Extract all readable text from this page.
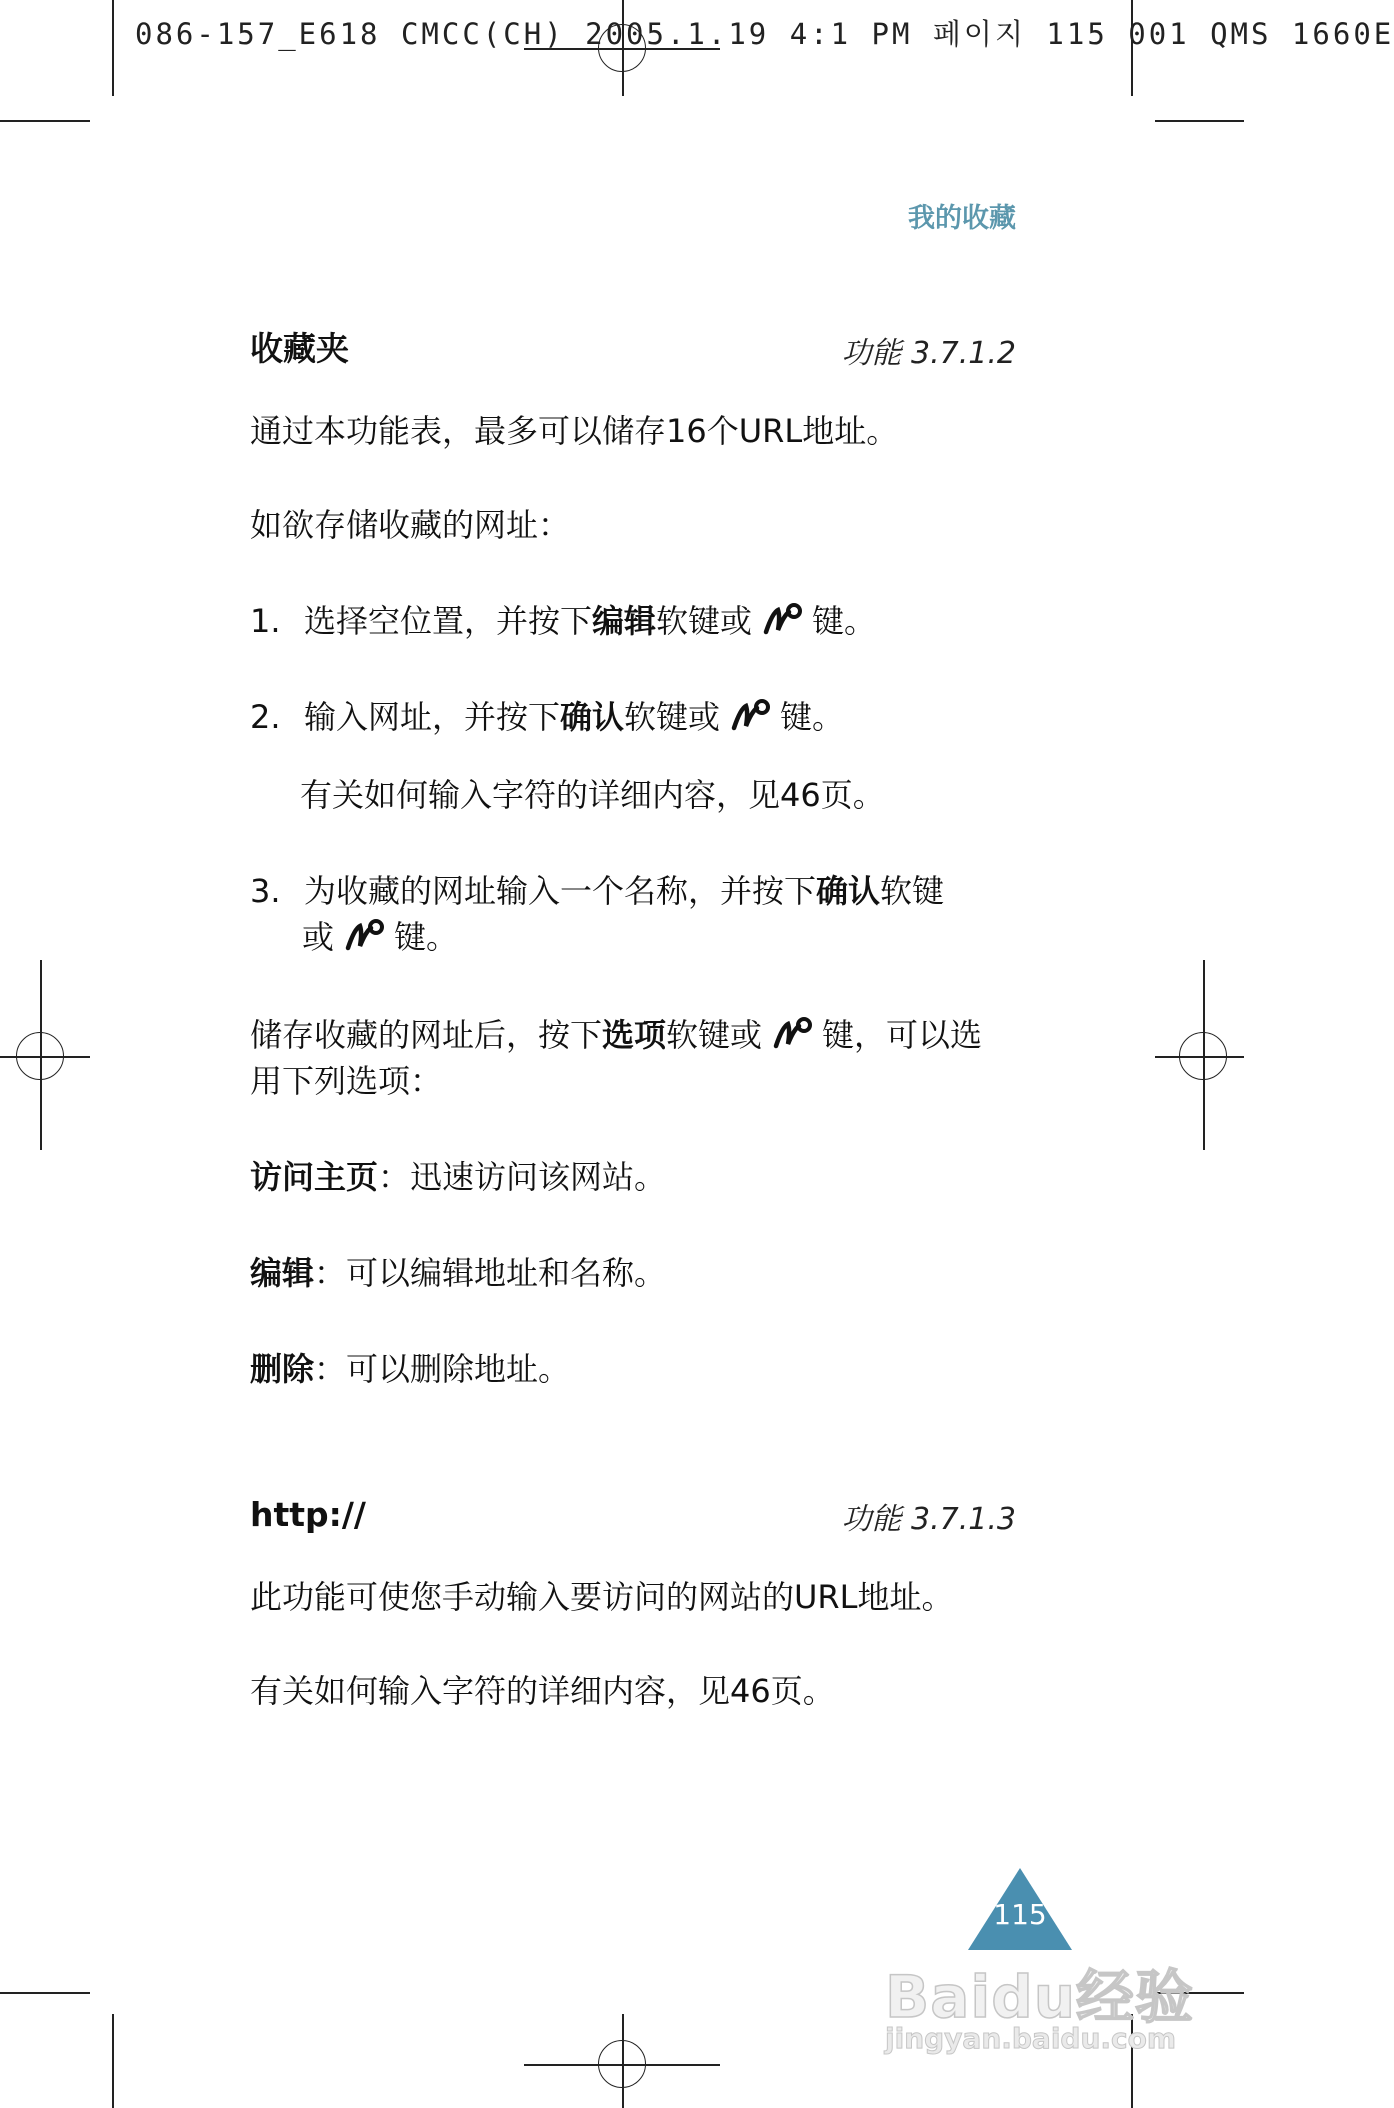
086-157_E618 CMCC(CH) 2005.1.19 4:1 PM 페이지 115 001 QMS 1660E
我的收藏
收藏夹	功能 3.7.1.2
通过本功能表，最多可以储存16个URL地址。
如欲存储收藏的网址：
1. 选择空位置，并按下编辑软键或 键。
2. 输入网址，并按下确认软键或 键。
有关如何输入字符的详细内容，见46页。
3. 为收藏的网址输入一个名称，并按下确认软键
或 键。
储存收藏的网址后，按下选项软键或 键，可以选
用下列选项：
访问主页：迅速访问该网站。
编辑：可以编辑地址和名称。
删除：可以删除地址。
http://	功能 3.7.1.3
此功能可使您手动输入要访问的网站的URL地址。
有关如何输入字符的详细内容，见46页。
115
Baidu经验
jingyan.baidu.com
